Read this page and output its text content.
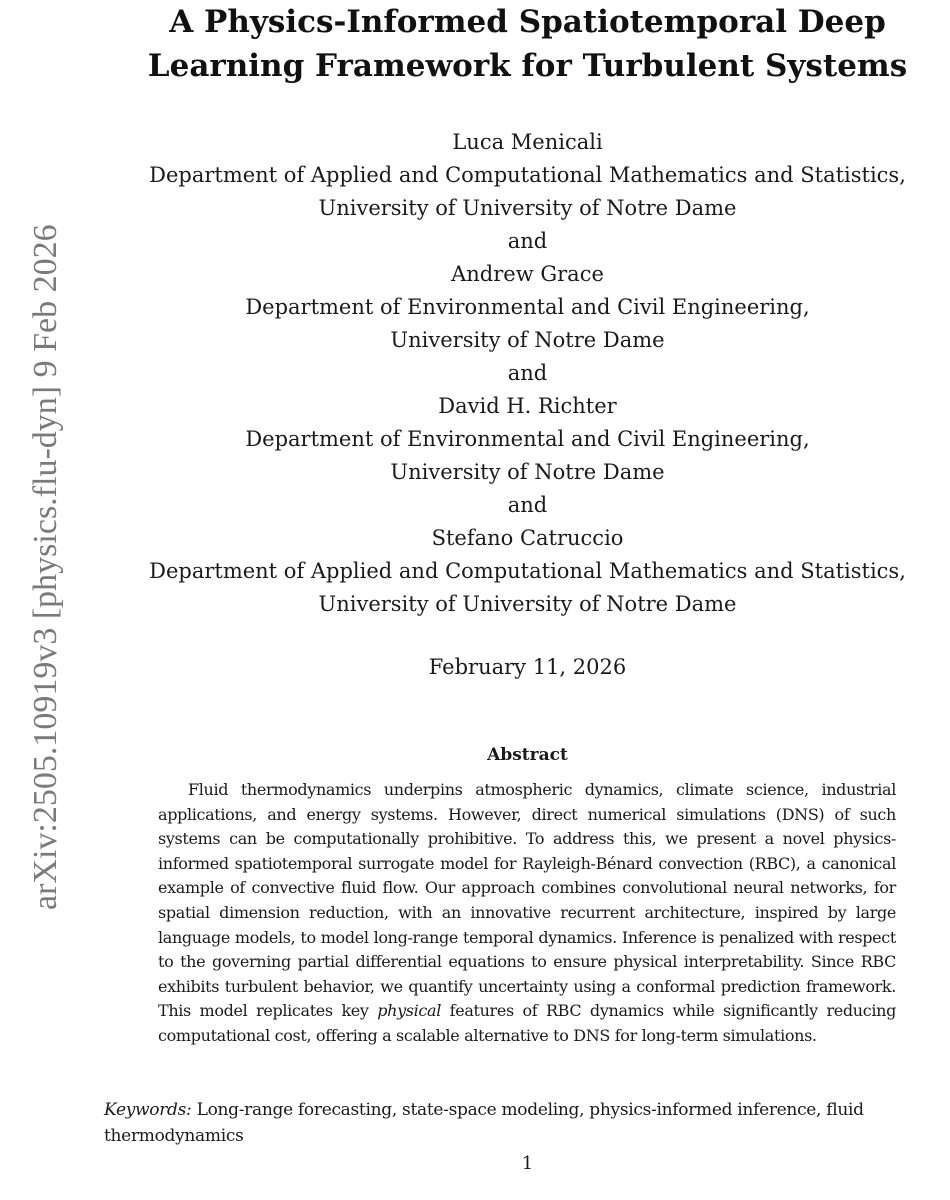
arXiv:2505.10919v3 [physics.flu-dyn] 9 Feb 2026
A Physics-Informed Spatiotemporal Deep
Learning Framework for Turbulent Systems
Luca Menicali
Department of Applied and Computational Mathematics and Statistics,
University of University of Notre Dame
and
Andrew Grace
Department of Environmental and Civil Engineering,
University of Notre Dame
and
David H. Richter
Department of Environmental and Civil Engineering,
University of Notre Dame
and
Stefano Catruccio
Department of Applied and Computational Mathematics and Statistics,
University of University of Notre Dame
February 11, 2026
Abstract
Fluid thermodynamics underpins atmospheric dynamics, climate science, industrial applications, and energy systems. However, direct numerical simulations (DNS) of such systems can be computationally prohibitive. To address this, we present a novel physics-informed spatiotemporal surrogate model for Rayleigh-Bénard convection (RBC), a canonical example of convective fluid flow. Our approach combines convolutional neural networks, for spatial dimension reduction, with an innovative recurrent architecture, inspired by large language models, to model long-range temporal dynamics. Inference is penalized with respect to the governing partial differential equations to ensure physical interpretability. Since RBC exhibits turbulent behavior, we quantify uncertainty using a conformal prediction framework. This model replicates key physical features of RBC dynamics while significantly reducing computational cost, offering a scalable alternative to DNS for long-term simulations.
Keywords: Long-range forecasting, state-space modeling, physics-informed inference, fluid thermodynamics
1
